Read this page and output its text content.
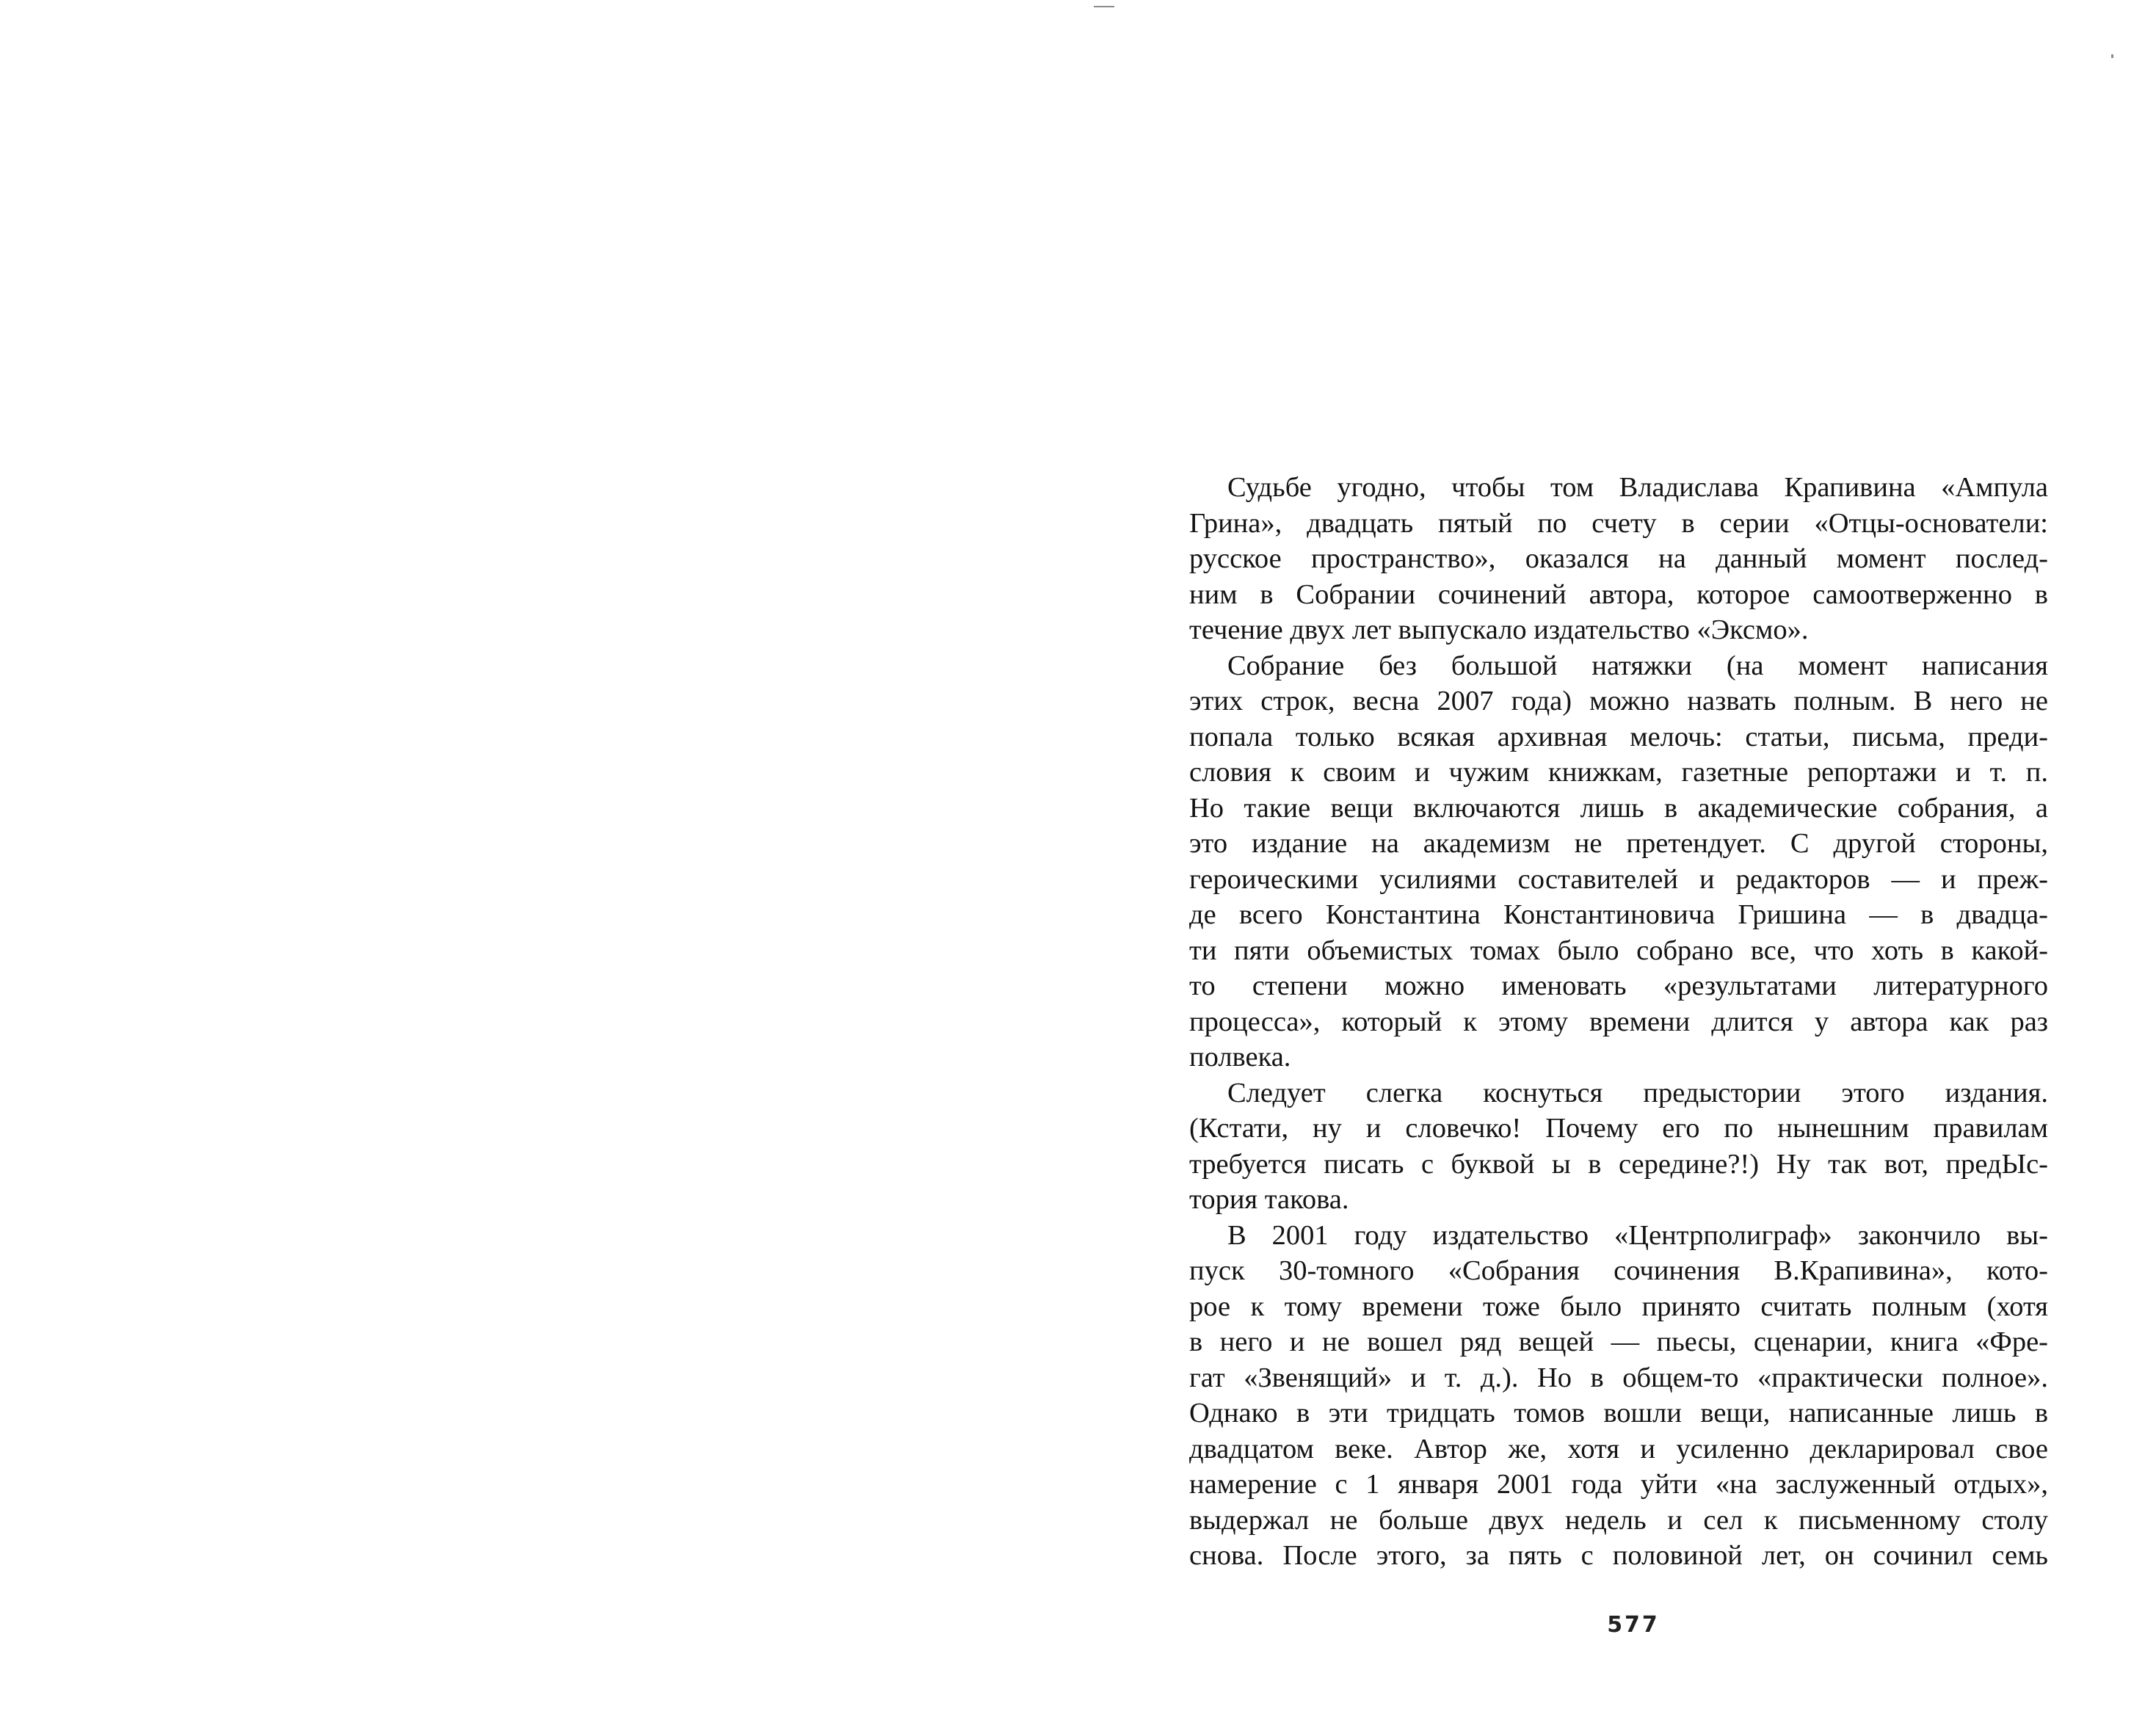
Судьбе угодно, чтобы том Владислава Крапивина «Ампула
Грина», двадцать пятый по счету в серии «Отцы-основатели:
русское пространство», оказался на данный момент послед-
ним в Собрании сочинений автора, которое самоотверженно в
течение двух лет выпускало издательство «Эксмо».
Собрание без большой натяжки (на момент написания
этих строк, весна 2007 года) можно назвать полным. В него не
попала только всякая архивная мелочь: статьи, письма, преди-
словия к своим и чужим книжкам, газетные репортажи и т. п.
Но такие вещи включаются лишь в академические собрания, а
это издание на академизм не претендует. С другой стороны,
героическими усилиями составителей и редакторов — и преж-
де всего Константина Константиновича Гришина — в двадца-
ти пяти объемистых томах было собрано все, что хоть в какой-
то степени можно именовать «результатами литературного
процесса», который к этому времени длится у автора как раз
полвека.
Следует слегка коснуться предыстории этого издания.
(Кстати, ну и словечко! Почему его по нынешним правилам
требуется писать с буквой ы в середине?!) Ну так вот, предЫс-
тория такова.
В 2001 году издательство «Центрполиграф» закончило вы-
пуск 30-томного «Собрания сочинения В.Крапивина», кото-
рое к тому времени тоже было принято считать полным (хотя
в него и не вошел ряд вещей — пьесы, сценарии, книга «Фре-
гат «Звенящий» и т. д.). Но в общем-то «практически полное».
Однако в эти тридцать томов вошли вещи, написанные лишь в
двадцатом веке. Автор же, хотя и усиленно декларировал свое
намерение с 1 января 2001 года уйти «на заслуженный отдых»,
выдержал не больше двух недель и сел к письменному столу
снова. После этого, за пять с половиной лет, он сочинил семь
577
